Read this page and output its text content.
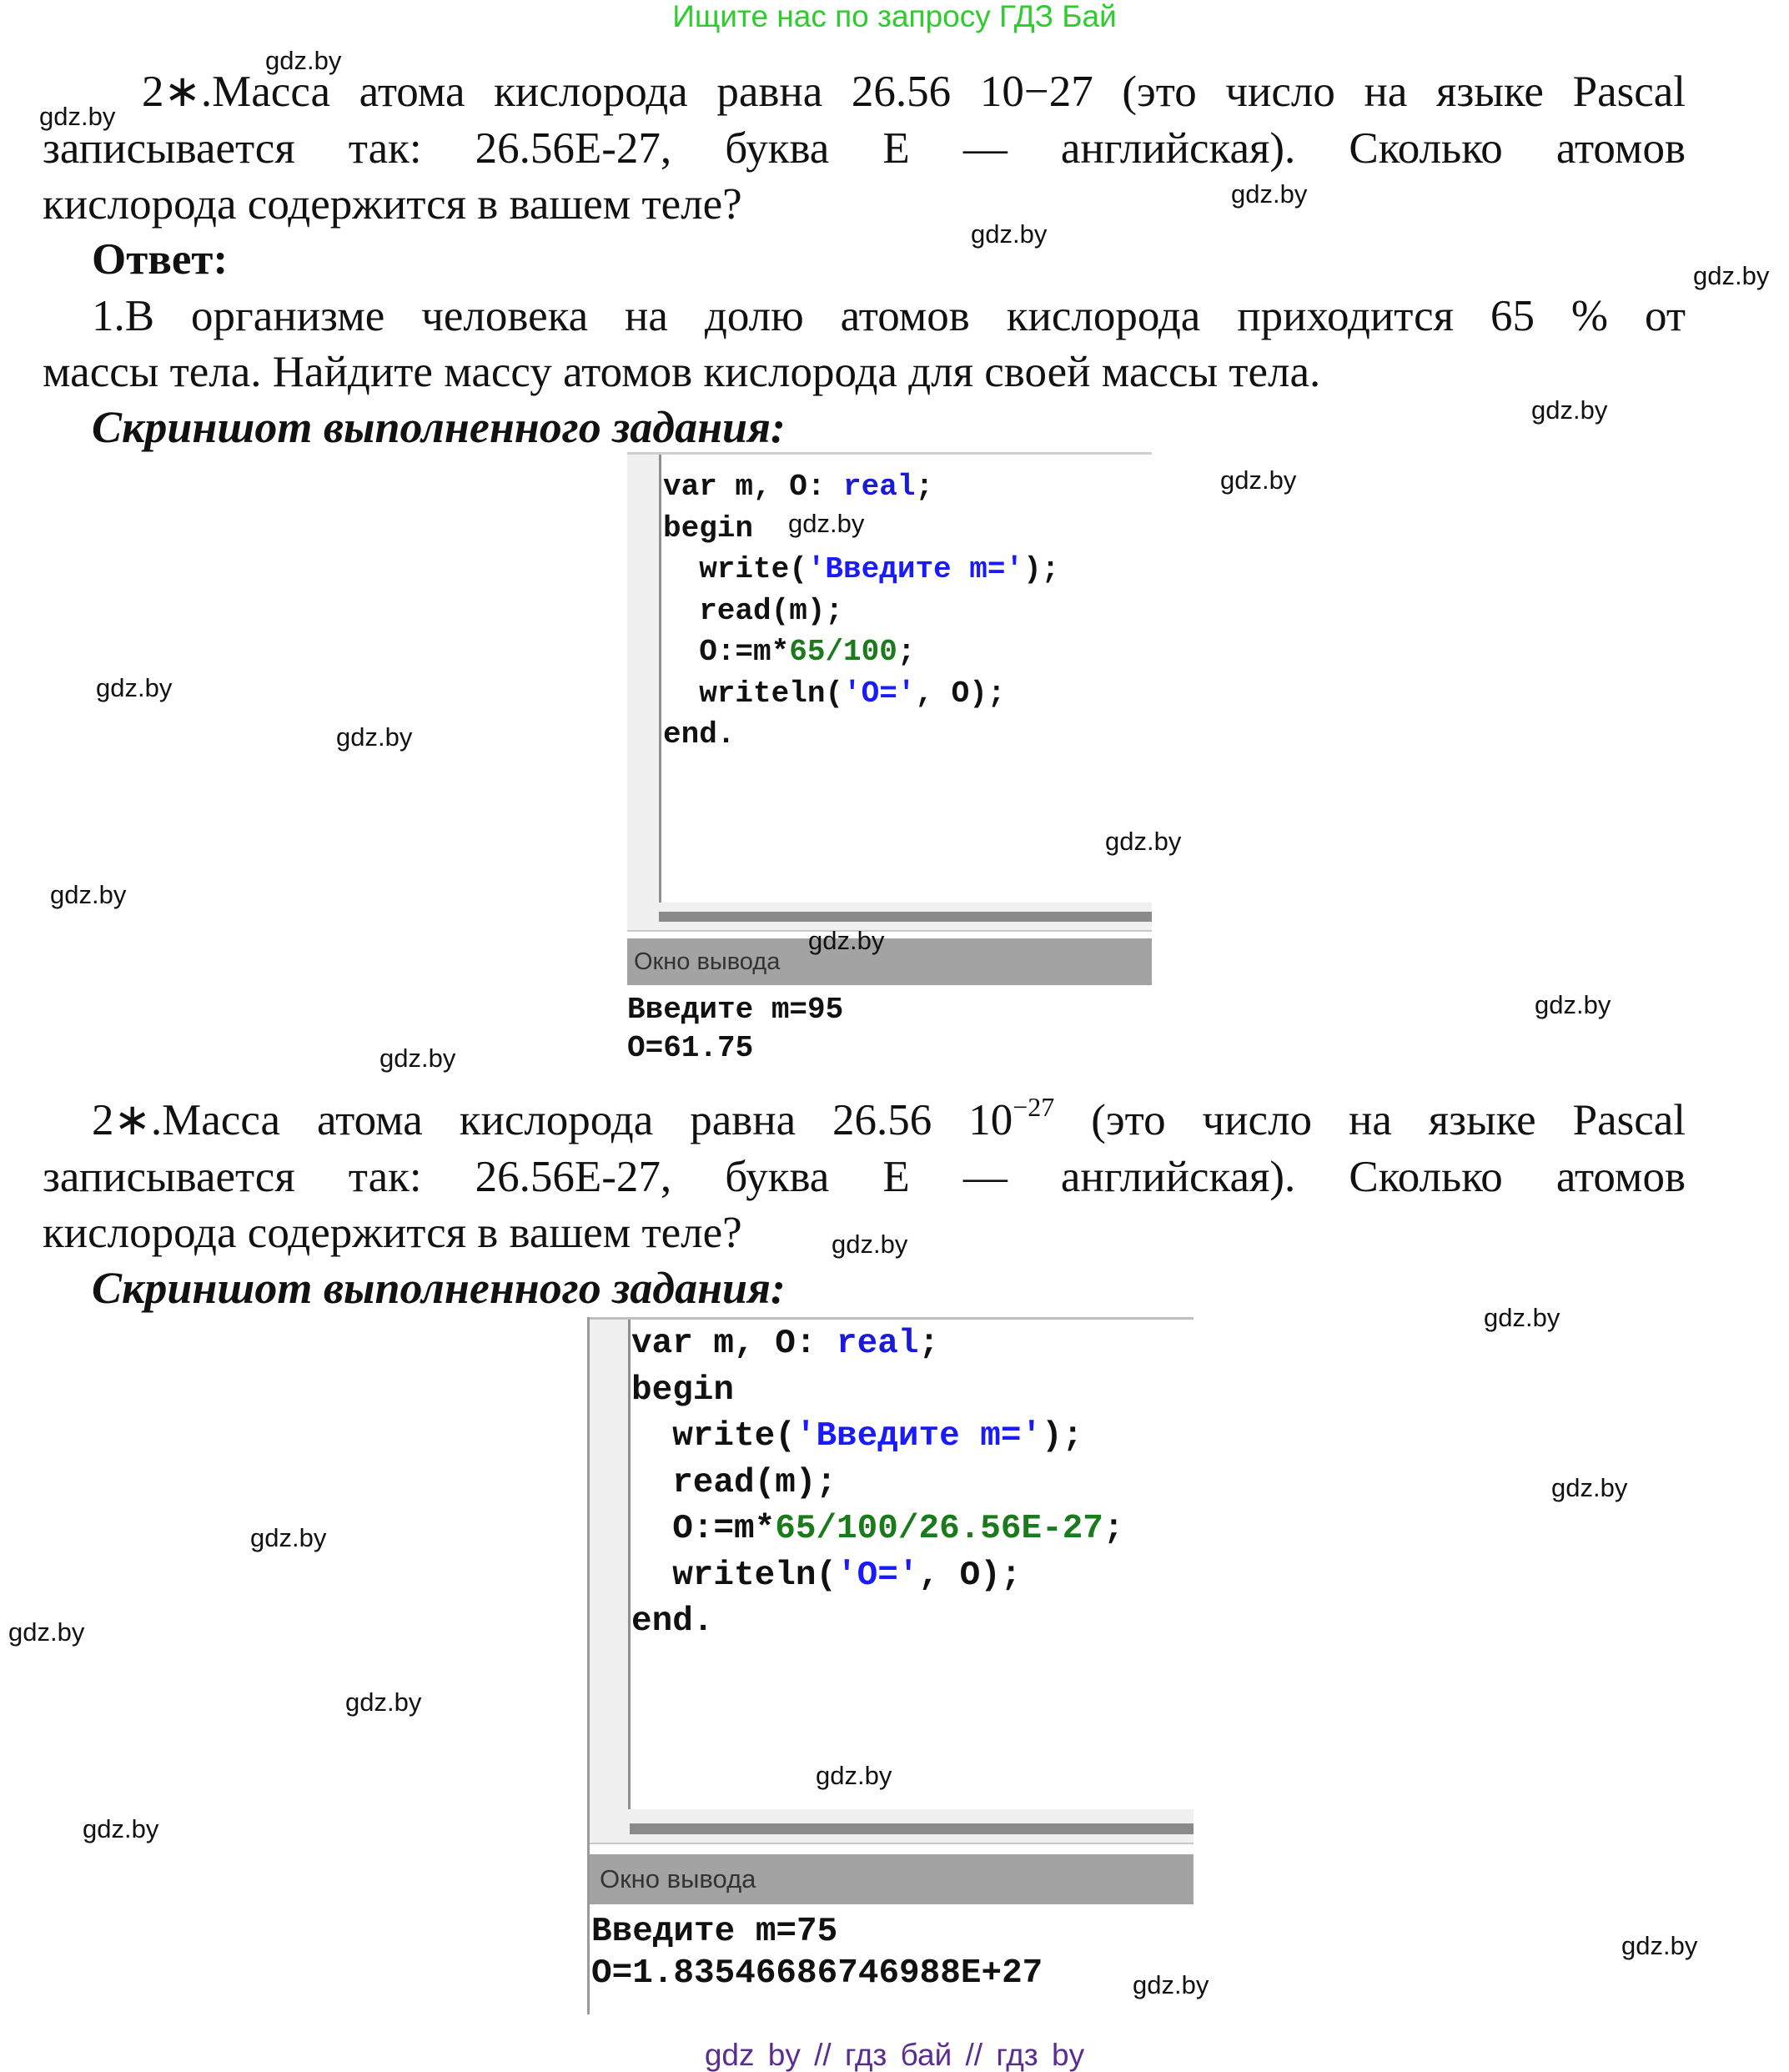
Ищите нас по запросу ГДЗ Бай
2∗.Масса атома кислорода равна 26.56 10−27 (это число на языке Pascal
записывается так: 26.56E-27, буква Е — английская). Сколько атомов
кислорода содержится в вашем теле?
Ответ:
1.В организме человека на долю атомов кислорода приходится 65 % от
массы тела. Найдите массу атомов кислорода для своей массы тела.
Скриншот выполненного задания:
var m, O: real;
begin
write('Введите m=');
read(m);
O:=m*65/100;
writeln('O=', O);
end.
Окно вывода
Введите m=95
O=61.75
2∗.Масса атома кислорода равна 26.56 $10^{-27}$ (это число на языке Pascal
записывается так: 26.56E-27, буква Е — английская). Сколько атомов
кислорода содержится в вашем теле?
Скриншот выполненного задания:
var m, O: real;
begin
write('Введите m=');
read(m);
O:=m*65/100/26.56E-27;
writeln('O=', O);
end.
Окно вывода
Введите m=75
O=1.83546686746988E+27
gdz by // гдз бай // гдз by
gdz.by
gdz.by
gdz.by
gdz.by
gdz.by
gdz.by
gdz.by
gdz.by
gdz.by
gdz.by
gdz.by
gdz.by
gdz.by
gdz.by
gdz.by
gdz.by
gdz.by
gdz.by
gdz.by
gdz.by
gdz.by
gdz.by
gdz.by
gdz.by
gdz.by
